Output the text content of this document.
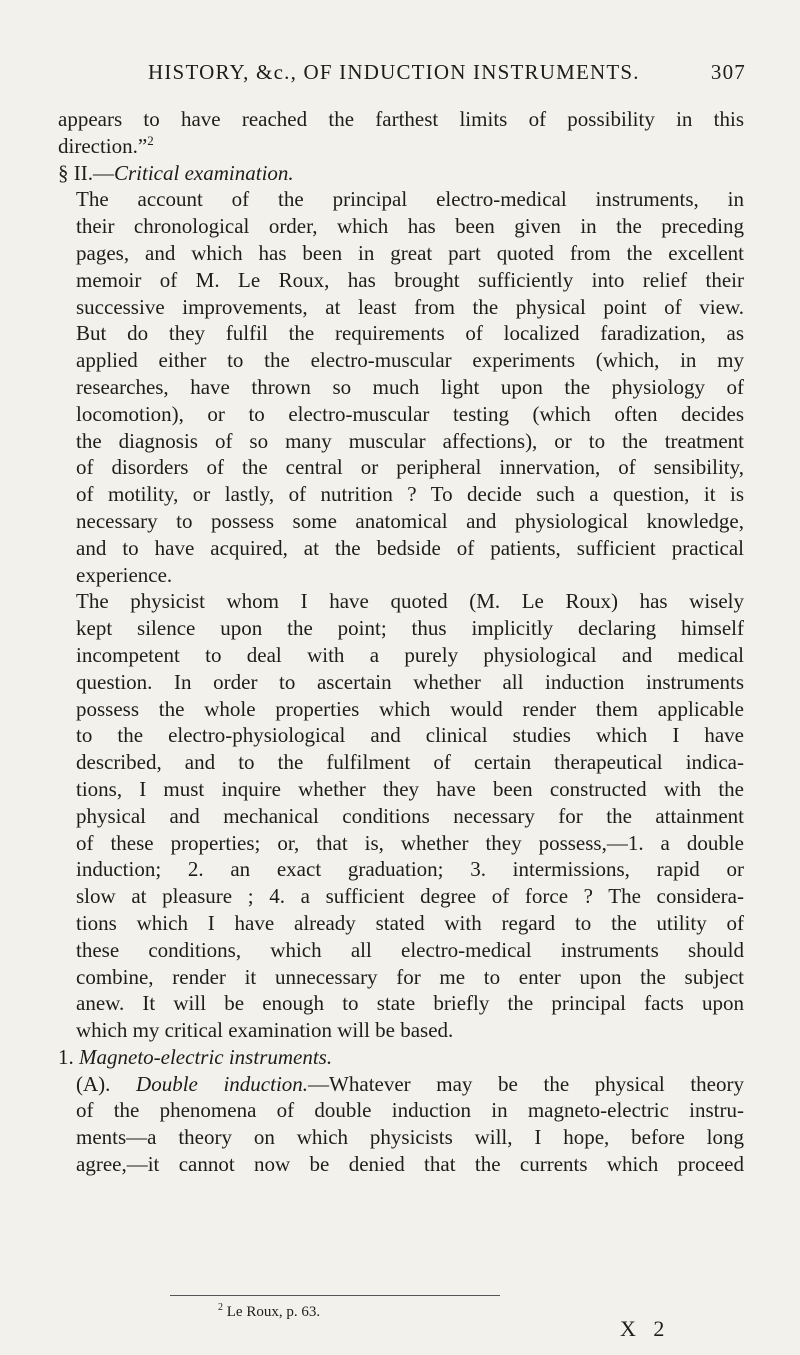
HISTORY, &c., OF INDUCTION INSTRUMENTS.	307

appears to have reached the farthest limits of possibility in this
direction.”$^2$

§ II.—Critical examination.

The account of the principal electro-medical instruments, in
their chronological order, which has been given in the preceding
pages, and which has been in great part quoted from the excellent
memoir of M. Le Roux, has brought sufficiently into relief their
successive improvements, at least from the physical point of view.
But do they fulfil the requirements of localized faradization, as
applied either to the electro-muscular experiments (which, in my
researches, have thrown so much light upon the physiology of
locomotion), or to electro-muscular testing (which often decides
the diagnosis of so many muscular affections), or to the treatment
of disorders of the central or peripheral innervation, of sensibility,
of motility, or lastly, of nutrition ? To decide such a question, it is
necessary to possess some anatomical and physiological knowledge,
and to have acquired, at the bedside of patients, sufficient practical
experience.

The physicist whom I have quoted (M. Le Roux) has wisely
kept silence upon the point; thus implicitly declaring himself
incompetent to deal with a purely physiological and medical
question. In order to ascertain whether all induction instruments
possess the whole properties which would render them applicable
to the electro-physiological and clinical studies which I have
described, and to the fulfilment of certain therapeutical indica-
tions, I must inquire whether they have been constructed with the
physical and mechanical conditions necessary for the attainment
of these properties; or, that is, whether they possess,—1. a double
induction; 2. an exact graduation; 3. intermissions, rapid or
slow at pleasure ; 4. a sufficient degree of force ? The considera-
tions which I have already stated with regard to the utility of
these conditions, which all electro-medical instruments should
combine, render it unnecessary for me to enter upon the subject
anew. It will be enough to state briefly the principal facts upon
which my critical examination will be based.

1. Magneto-electric instruments.

(A). Double induction.—Whatever may be the physical theory
of the phenomena of double induction in magneto-electric instru-
ments—a theory on which physicists will, I hope, before long
agree,—it cannot now be denied that the currents which proceed

$^2$ Le Roux, p. 63.
X 2
